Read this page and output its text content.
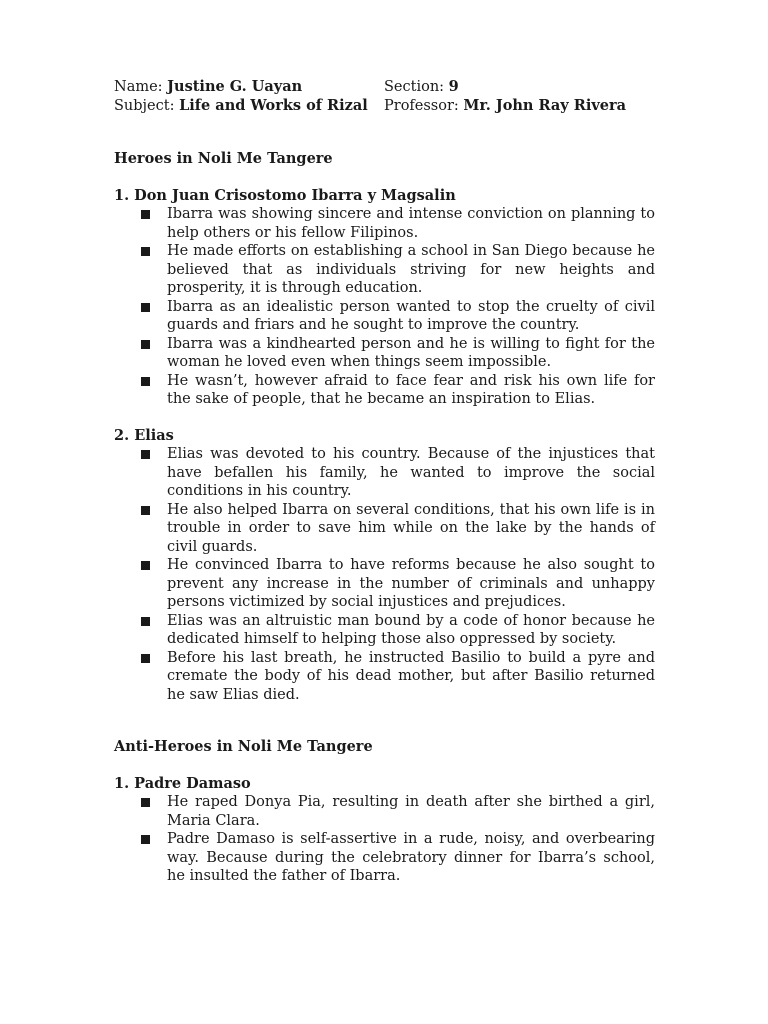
Name: Justine G. Uayan	Section: 9
Subject: Life and Works of Rizal	Professor: Mr. John Ray Rivera
Heroes in Noli Me Tangere
1. Don Juan Crisostomo Ibarra y Magsalin
Ibarra was showing sincere and intense conviction on planning to help others or his fellow Filipinos.
He made efforts on establishing a school in San Diego because he believed that as individuals striving for new heights and prosperity, it is through education.
Ibarra as an idealistic person wanted to stop the cruelty of civil guards and friars and he sought to improve the country.
Ibarra was a kindhearted person and he is willing to fight for the woman he loved even when things seem impossible.
He wasn’t, however afraid to face fear and risk his own life for the sake of people, that he became an inspiration to Elias.
2. Elias
Elias was devoted to his country. Because of the injustices that have befallen his family, he wanted to improve the social conditions in his country.
He also helped Ibarra on several conditions, that his own life is in trouble in order to save him while on the lake by the hands of civil guards.
He convinced Ibarra to have reforms because he also sought to prevent any increase in the number of criminals and unhappy persons victimized by social injustices and prejudices.
Elias was an altruistic man bound by a code of honor because he dedicated himself to helping those also oppressed by society.
Before his last breath, he instructed Basilio to build a pyre and cremate the body of his dead mother, but after Basilio returned he saw Elias died.
Anti-Heroes in Noli Me Tangere
1. Padre Damaso
He raped Donya Pia, resulting in death after she birthed a girl, Maria Clara.
Padre Damaso is self-assertive in a rude, noisy, and overbearing way. Because during the celebratory dinner for Ibarra’s school, he insulted the father of Ibarra.
